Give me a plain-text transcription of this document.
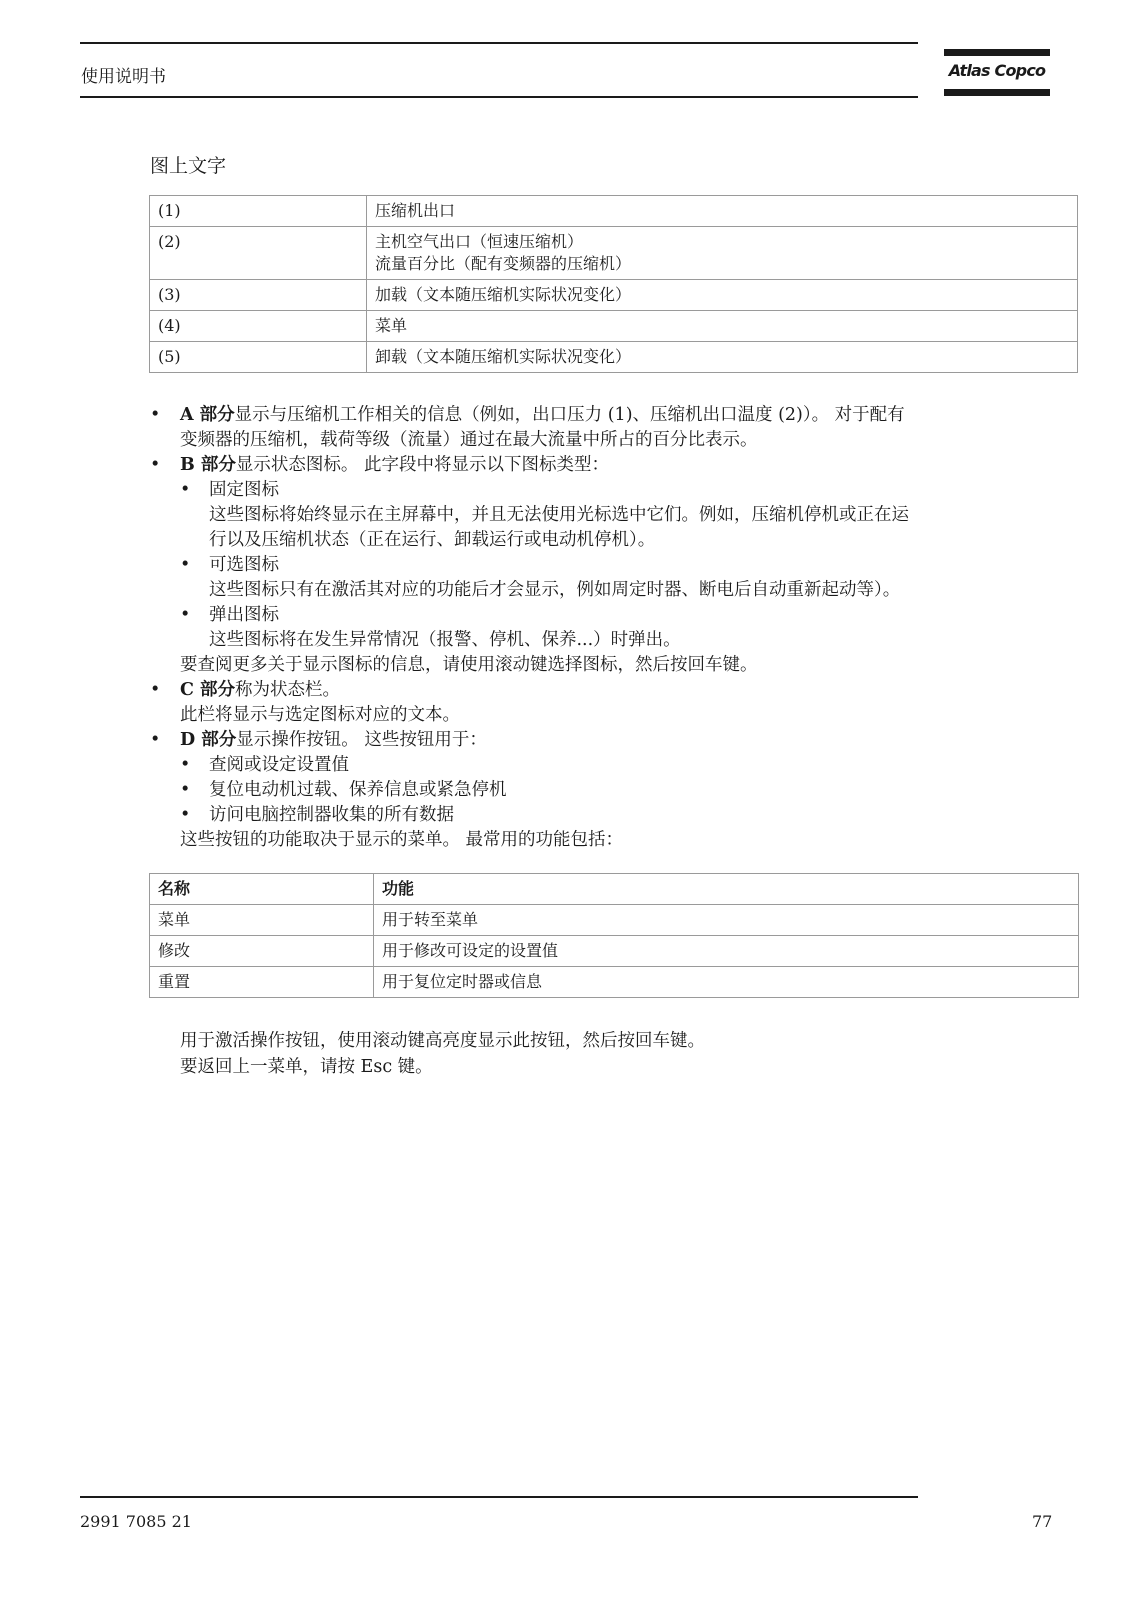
使用说明书	Atlas Copco
图上文字
(1)	压缩机出口
(2)	主机空气出口（恒速压缩机）
流量百分比（配有变频器的压缩机）

(3)	加载（文本随压缩机实际状况变化）
(4)	菜单
(5)	卸载（文本随压缩机实际状况变化）
• A 部分显示与压缩机工作相关的信息（例如，出口压力 (1)、压缩机出口温度 (2)）。 对于配有
变频器的压缩机，载荷等级（流量）通过在最大流量中所占的百分比表示。
• B 部分显示状态图标。 此字段中将显示以下图标类型：
• 固定图标
这些图标将始终显示在主屏幕中，并且无法使用光标选中它们。例如，压缩机停机或正在运
行以及压缩机状态（正在运行、卸载运行或电动机停机）。
• 可选图标
这些图标只有在激活其对应的功能后才会显示，例如周定时器、断电后自动重新起动等）。
• 弹出图标
这些图标将在发生异常情况（报警、停机、保养...）时弹出。
要查阅更多关于显示图标的信息，请使用滚动键选择图标，然后按回车键。
• C 部分称为状态栏。
此栏将显示与选定图标对应的文本。
• D 部分显示操作按钮。 这些按钮用于：
• 查阅或设定设置值
• 复位电动机过载、保养信息或紧急停机
• 访问电脑控制器收集的所有数据
这些按钮的功能取决于显示的菜单。 最常用的功能包括：
名称	功能
菜单	用于转至菜单
修改	用于修改可设定的设置值
重置	用于复位定时器或信息
用于激活操作按钮，使用滚动键高亮度显示此按钮，然后按回车键。
要返回上一菜单，请按 Esc 键。
2991 7085 21	77
